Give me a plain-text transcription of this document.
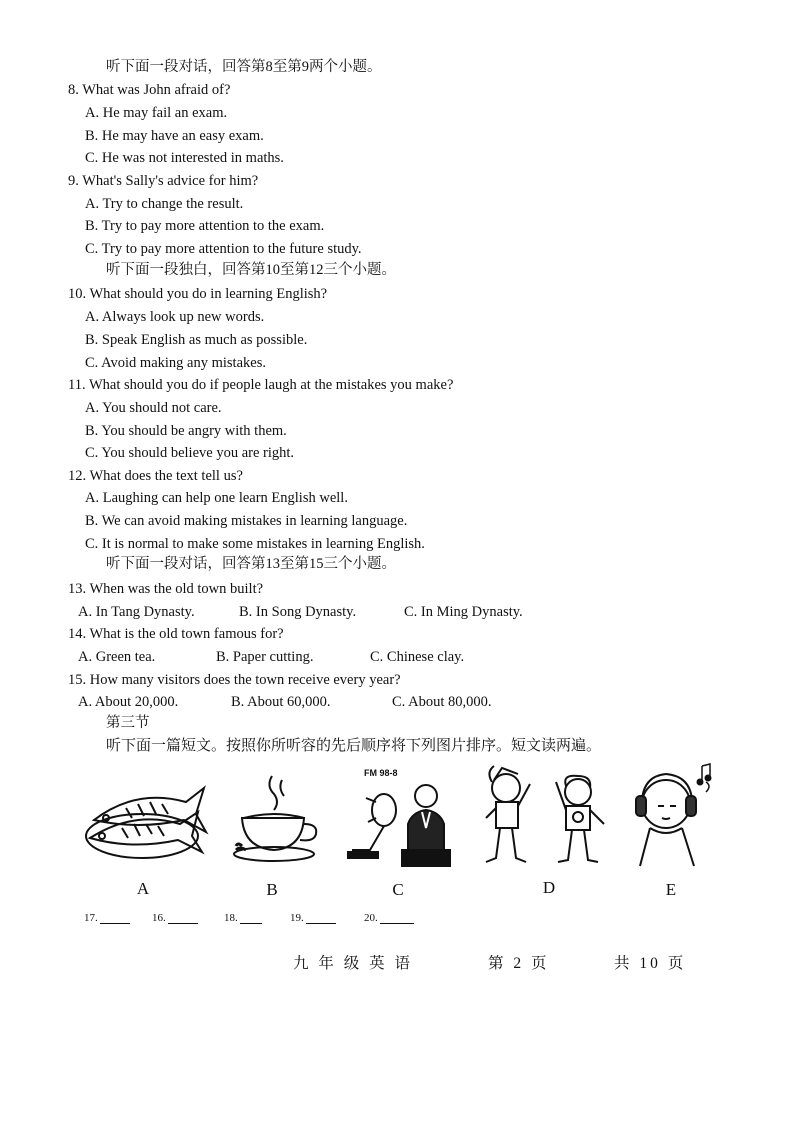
听下面一段对话，回答第8至第9两个小题。
8. What was John afraid of?
A. He may fail an exam.
B. He may have an easy exam.
C. He was not interested in maths.
9. What's Sally's advice for him?
A. Try to change the result.
B. Try to pay more attention to the exam.
C. Try to pay more attention to the future study.
听下面一段独白，回答第10至第12三个小题。
10. What should you do in learning English?
A. Always look up new words.
B. Speak English as much as possible.
C. Avoid making any mistakes.
11. What should you do if people laugh at the mistakes you make?
A. You should not care.
B. You should be angry with them.
C. You should believe you are right.
12. What does the text tell us?
A. Laughing can help one learn English well.
B. We can avoid making mistakes in learning language.
C. It is normal to make some mistakes in learning English.
听下面一段对话，回答第13至第15三个小题。
13. When was the old town built?
A. In Tang Dynasty.	B. In Song Dynasty.	C. In Ming Dynasty.
14. What is the old town famous for?
A. Green tea.	B. Paper cutting.	C. Chinese clay.
15. How many visitors does the town receive every year?
A. About 20,000.	B. About 60,000.	C. About 80,000.
第三节
听下面一篇短文。按照你所听容的先后顺序将下列图片排序。短文读两遍。
A	B
FM 98-8
C	D	E
17.	16.	18.	19.	20.
九 年 级 英 语	第 2 页	共 10 页
